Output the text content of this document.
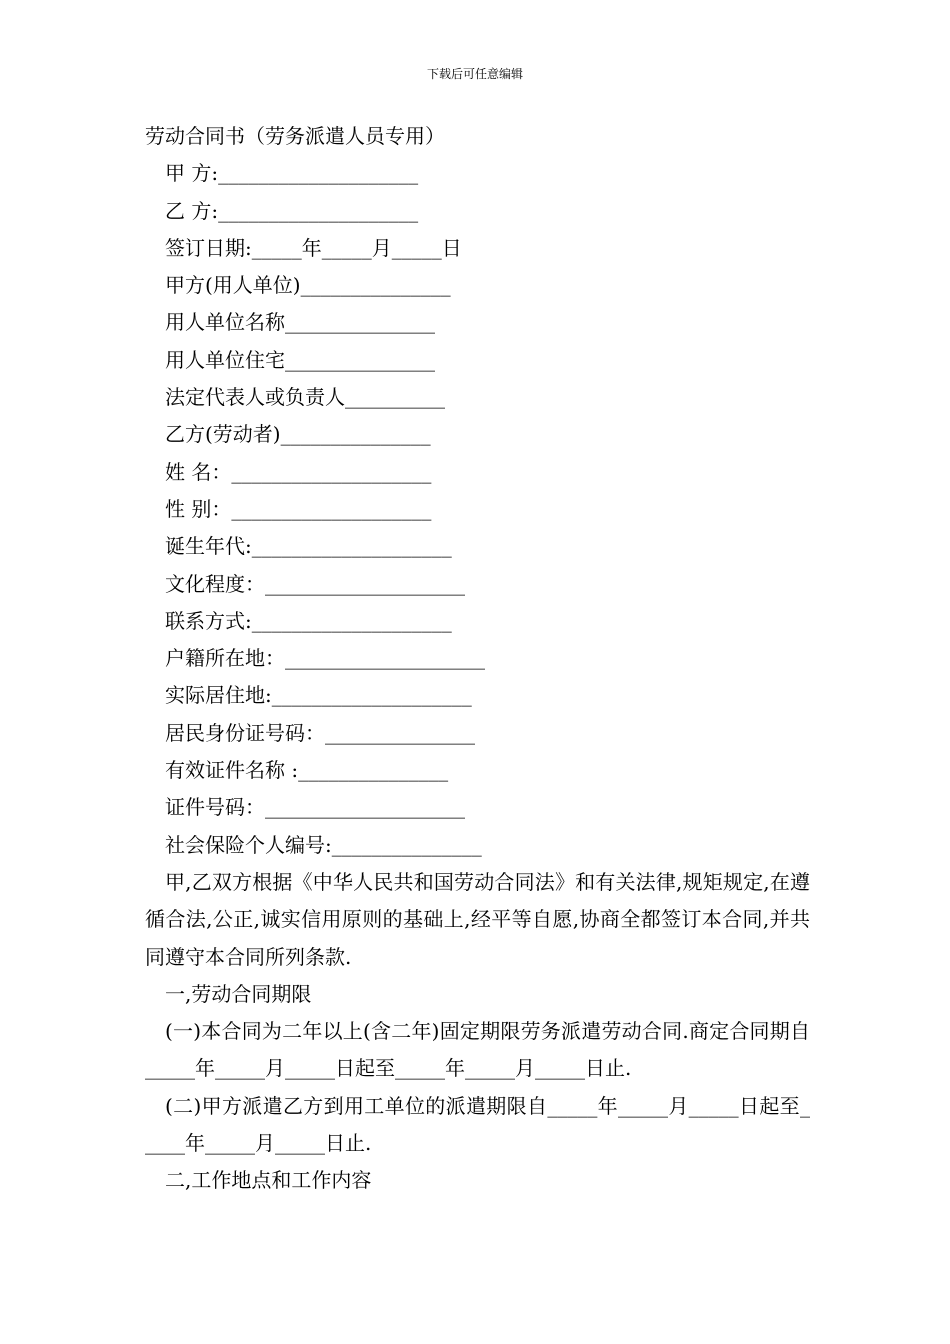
下载后可任意编辑
劳动合同书（劳务派遣人员专用）
甲 方:____________________
乙 方:____________________
签订日期:_____年_____月_____日
甲方(用人单位)_______________
用人单位名称_______________
用人单位住宅_______________
法定代表人或负责人__________
乙方(劳动者)_______________
姓 名：____________________
性 别：____________________
诞生年代:____________________
文化程度：____________________
联系方式:____________________
户籍所在地：____________________
实际居住地:____________________
居民身份证号码：_______________
有效证件名称 :_______________
证件号码：____________________
社会保险个人编号:_______________
甲,乙双方根据《中华人民共和国劳动合同法》和有关法律,规矩规定,在遵循合法,公正,诚实信用原则的基础上,经平等自愿,协商全都签订本合同,并共同遵守本合同所列条款.
一,劳动合同期限
(一)本合同为二年以上(含二年)固定期限劳务派遣劳动合同.商定合同期自_____年_____月_____日起至_____年_____月_____日止.
(二)甲方派遣乙方到用工单位的派遣期限自_____年_____月_____日起至_____年_____月_____日止.
二,工作地点和工作内容
